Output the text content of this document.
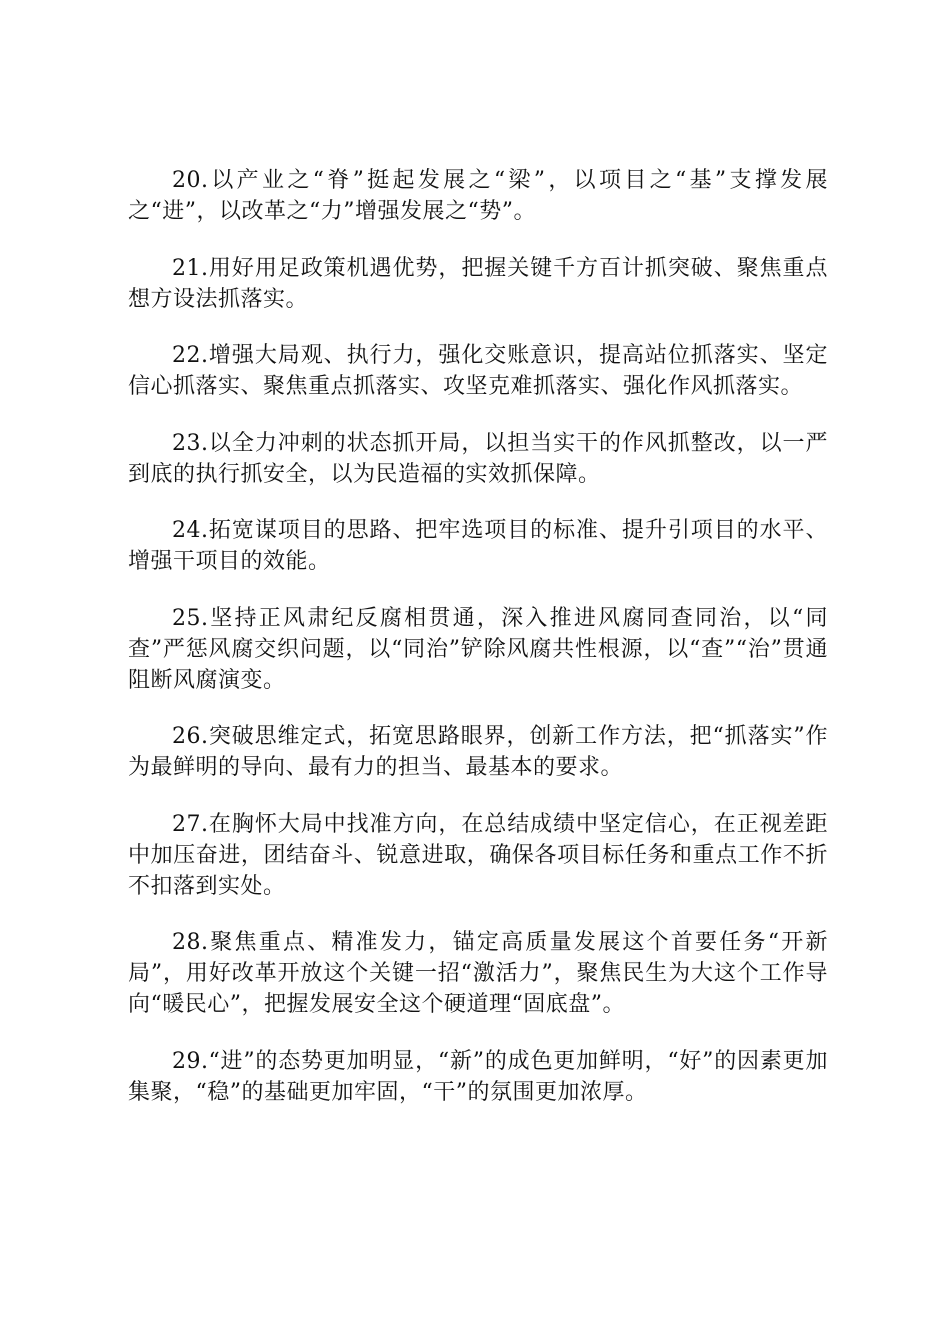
20.以产业之“脊”挺起发展之“梁”，以项目之“基”支撑发展之“进”，以改革之“力”增强发展之“势”。

21.用好用足政策机遇优势，把握关键千方百计抓突破、聚焦重点想方设法抓落实。

22.增强大局观、执行力，强化交账意识，提高站位抓落实、坚定信心抓落实、聚焦重点抓落实、攻坚克难抓落实、强化作风抓落实。

23.以全力冲刺的状态抓开局，以担当实干的作风抓整改，以一严到底的执行抓安全，以为民造福的实效抓保障。

24.拓宽谋项目的思路、把牢选项目的标准、提升引项目的水平、增强干项目的效能。

25.坚持正风肃纪反腐相贯通，深入推进风腐同查同治，以“同查”严惩风腐交织问题，以“同治”铲除风腐共性根源，以“查”“治”贯通阻断风腐演变。

26.突破思维定式，拓宽思路眼界，创新工作方法，把“抓落实”作为最鲜明的导向、最有力的担当、最基本的要求。

27.在胸怀大局中找准方向，在总结成绩中坚定信心，在正视差距中加压奋进，团结奋斗、锐意进取，确保各项目标任务和重点工作不折不扣落到实处。

28.聚焦重点、精准发力，锚定高质量发展这个首要任务“开新局”，用好改革开放这个关键一招“激活力”，聚焦民生为大这个工作导向“暖民心”，把握发展安全这个硬道理“固底盘”。

29.“进”的态势更加明显，“新”的成色更加鲜明，“好”的因素更加集聚，“稳”的基础更加牢固，“干”的氛围更加浓厚。
